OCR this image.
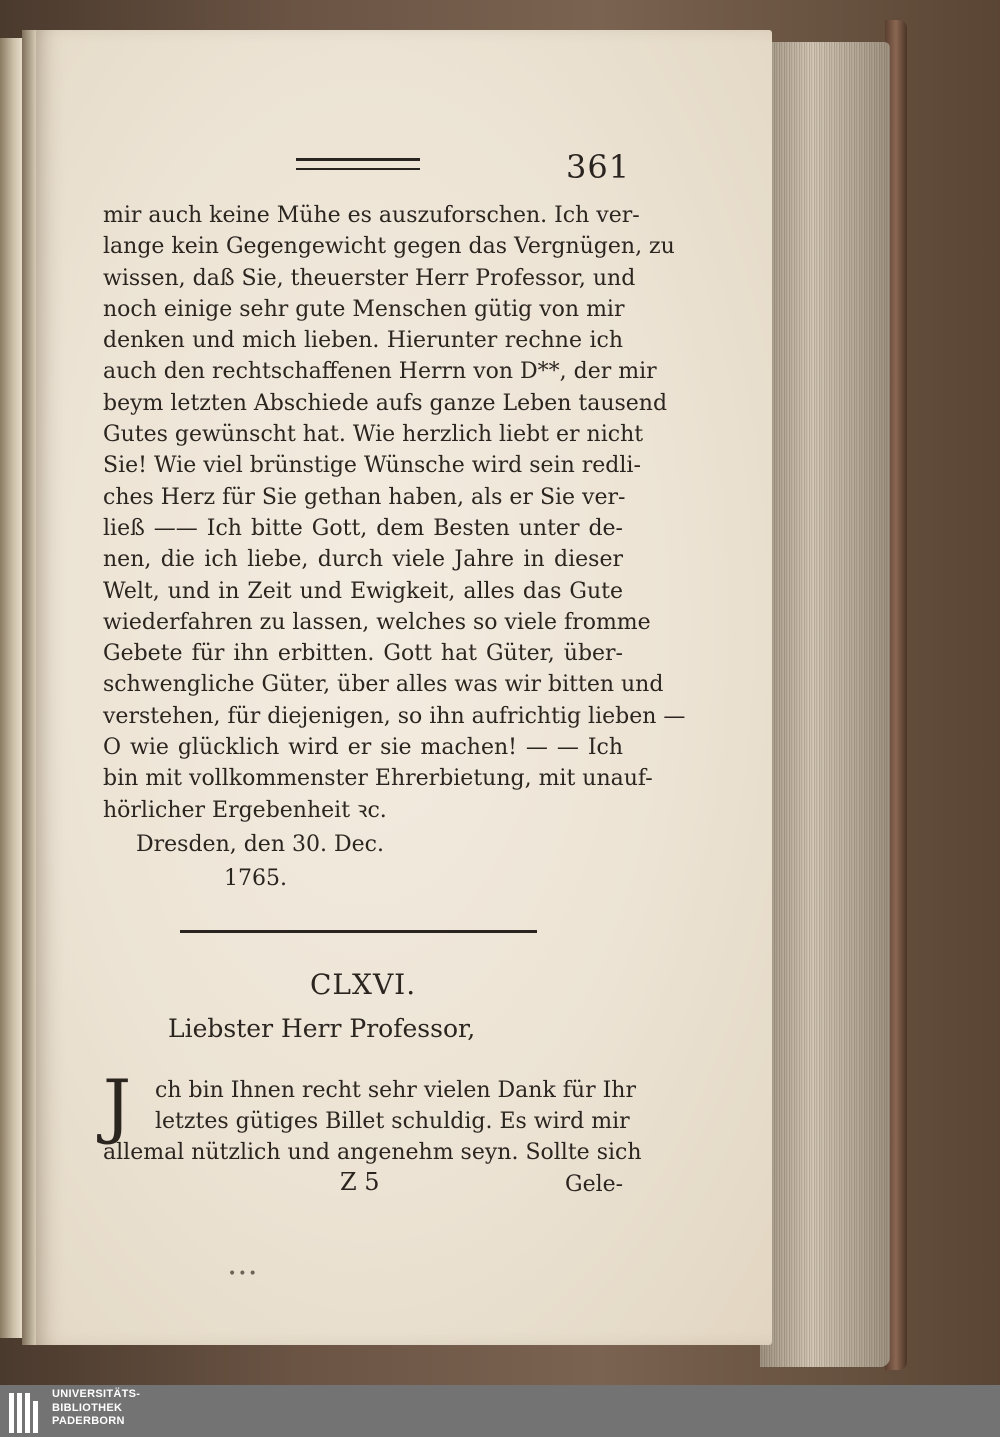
361

mir auch keine Mühe es auszuforschen. Ich ver-
lange kein Gegengewicht gegen das Vergnügen, zu
wissen, daß Sie, theuerster Herr Professor, und
noch einige sehr gute Menschen gütig von mir
denken und mich lieben. Hierunter rechne ich
auch den rechtschaffenen Herrn von D**, der mir
beym letzten Abschiede aufs ganze Leben tausend
Gutes gewünscht hat. Wie herzlich liebt er nicht
Sie! Wie viel brünstige Wünsche wird sein redli-
ches Herz für Sie gethan haben, als er Sie ver-
ließ —— Ich bitte Gott, dem Besten unter de-
nen, die ich liebe, durch viele Jahre in dieser
Welt, und in Zeit und Ewigkeit, alles das Gute
wiederfahren zu lassen, welches so viele fromme
Gebete für ihn erbitten. Gott hat Güter, über-
schwengliche Güter, über alles was wir bitten und
verstehen, für diejenigen, so ihn aufrichtig lieben —
O wie glücklich wird er sie machen! — — Ich
bin mit vollkommenster Ehrerbietung, mit unauf-
hörlicher Ergebenheit ꝛc.

Dresden, den 30. Dec.
1765.
CLXVI.
Liebster Herr Professor,
J	ch bin Ihnen recht sehr vielen Dank für Ihr
letztes gütiges Billet schuldig. Es wird mir
allemal nützlich und angenehm seyn. Sollte sich
Z 5	Gele-
•••

UNIVERSITÄTS-
BIBLIOTHEK
PADERBORN
